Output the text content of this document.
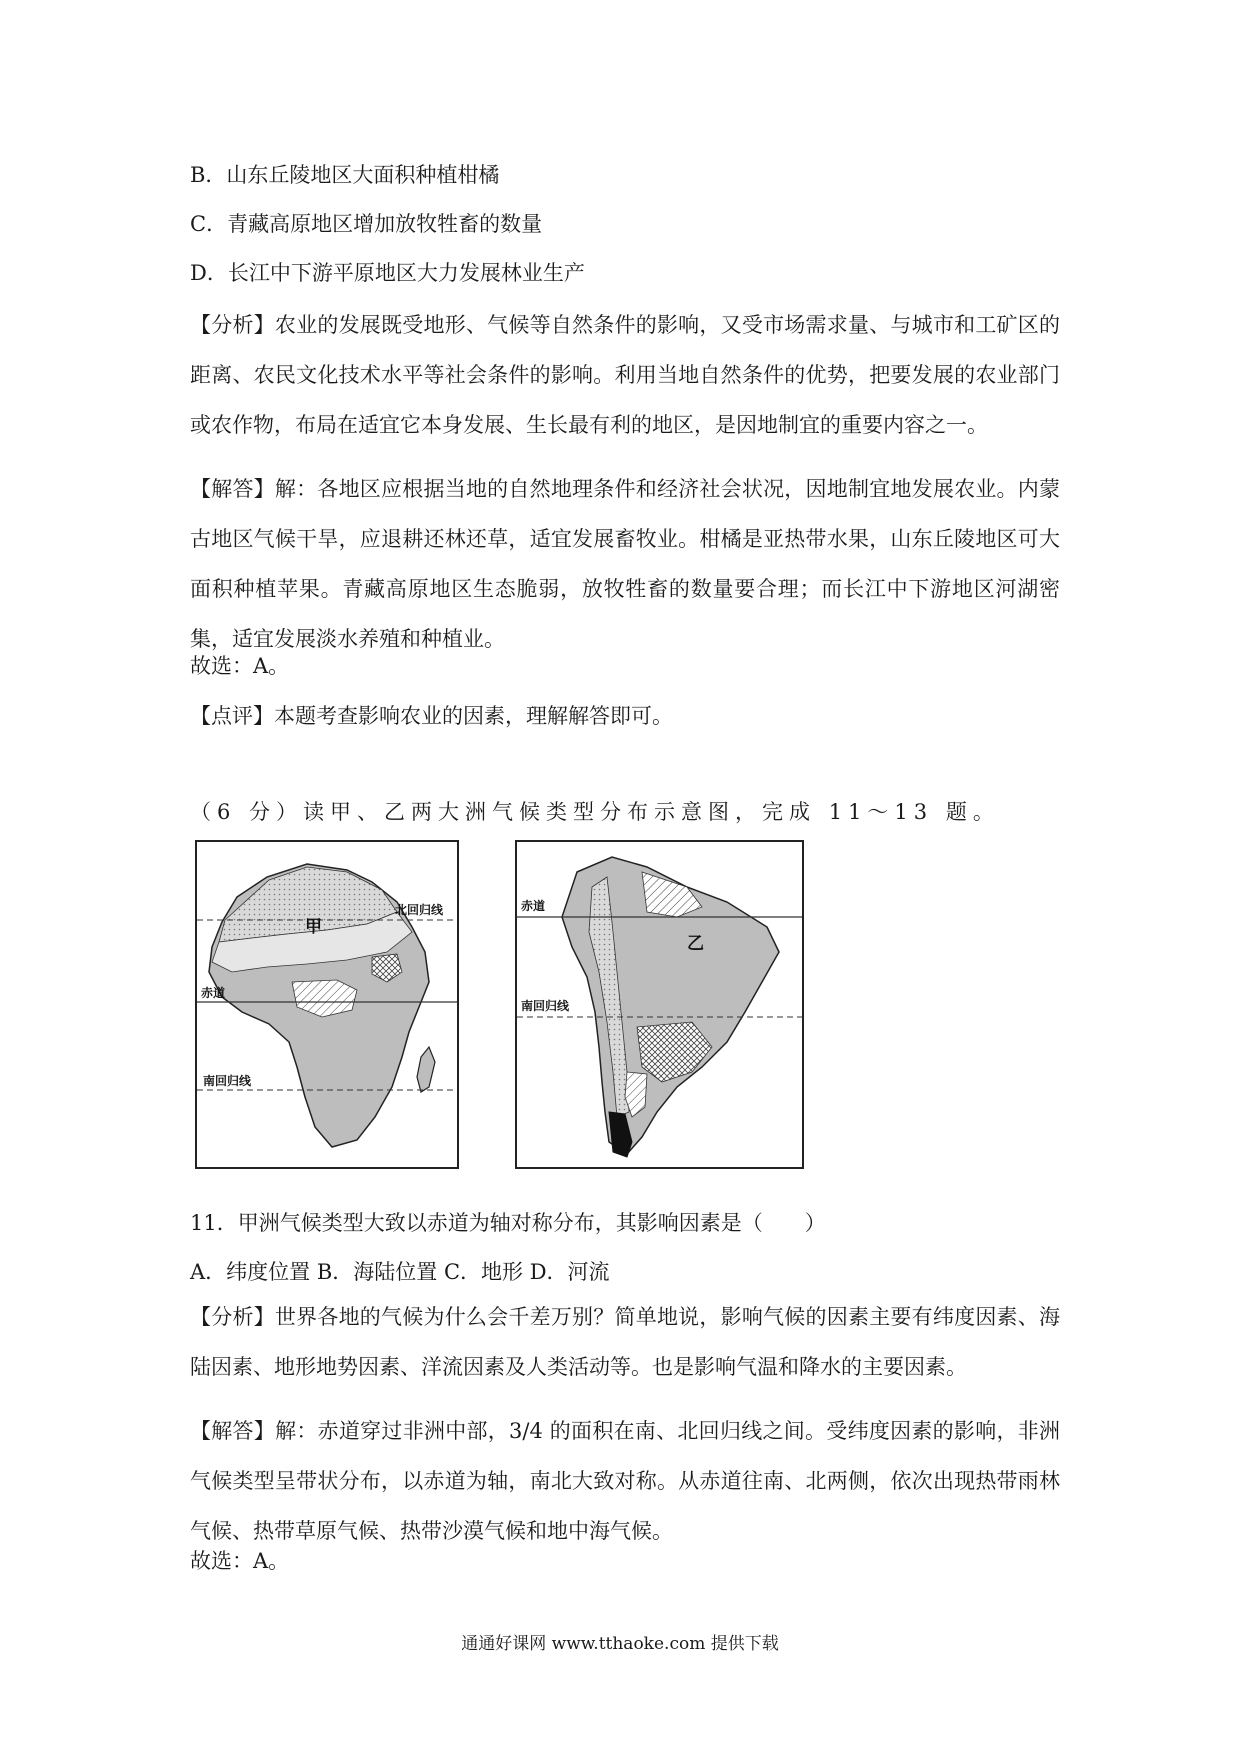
B．山东丘陵地区大面积种植柑橘
C．青藏高原地区增加放牧牲畜的数量
D．长江中下游平原地区大力发展林业生产
【分析】农业的发展既受地形、气候等自然条件的影响，又受市场需求量、与城市和工矿区的距离、农民文化技术水平等社会条件的影响。利用当地自然条件的优势，把要发展的农业部门或农作物，布局在适宜它本身发展、生长最有利的地区，是因地制宜的重要内容之一。
【解答】解：各地区应根据当地的自然地理条件和经济社会状况，因地制宜地发展农业。内蒙古地区气候干旱，应退耕还林还草，适宜发展畜牧业。柑橘是亚热带水果，山东丘陵地区可大面积种植苹果。青藏高原地区生态脆弱，放牧牲畜的数量要合理；而长江中下游地区河湖密集，适宜发展淡水养殖和种植业。
故选：A。
【点评】本题考查影响农业的因素，理解解答即可。
（6 分）读甲、乙两大洲气候类型分布示意图，完成 11～13 题。
北回归线
赤道
南回归线
甲
赤道
南回归线
乙
11．甲洲气候类型大致以赤道为轴对称分布，其影响因素是（　　）
A．纬度位置 B．海陆位置 C．地形 D．河流
【分析】世界各地的气候为什么会千差万别？简单地说，影响气候的因素主要有纬度因素、海陆因素、地形地势因素、洋流因素及人类活动等。也是影响气温和降水的主要因素。
【解答】解：赤道穿过非洲中部，3/4 的面积在南、北回归线之间。受纬度因素的影响，非洲气候类型呈带状分布，以赤道为轴，南北大致对称。从赤道往南、北两侧，依次出现热带雨林气候、热带草原气候、热带沙漠气候和地中海气候。
故选：A。
通通好课网 www.tthaoke.com 提供下载
